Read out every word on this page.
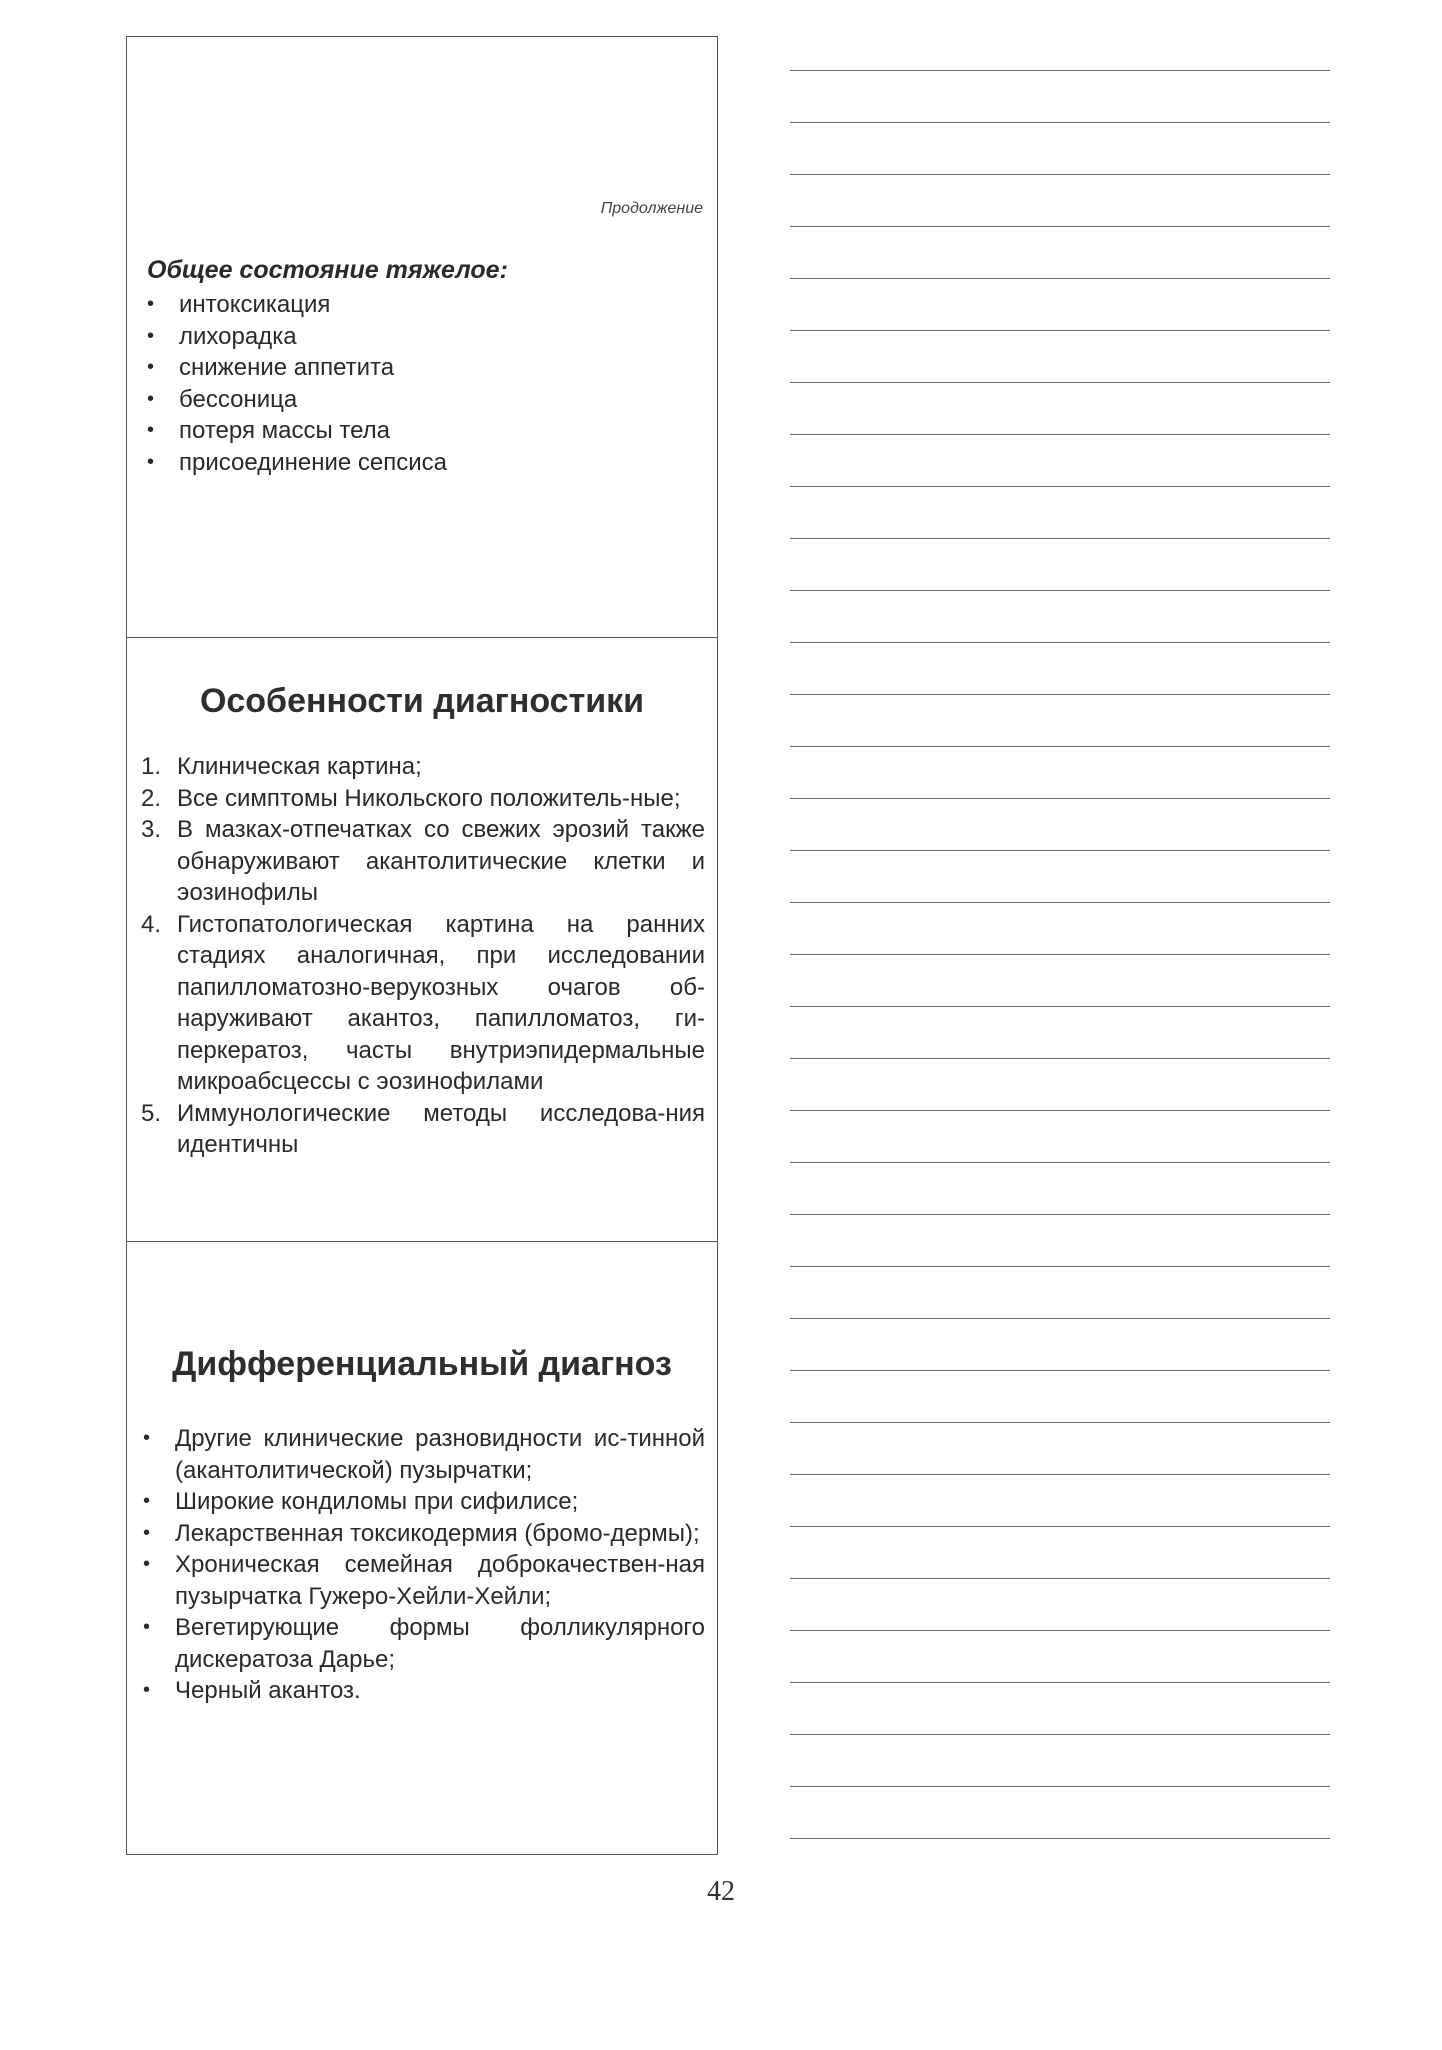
Продолжение
Общее состояние тяжелое:
• интоксикация
• лихорадка
• снижение аппетита
• бессоница
• потеря массы тела
• присоединение сепсиса
Особенности диагностики
1. Клиническая картина;
2. Все симптомы Никольского положитель-ные;
3. В мазках-отпечатках со свежих эрозий также обнаруживают акантолитические клетки и эозинофилы
4. Гистопатологическая картина на ранних стадиях аналогичная, при исследовании папилломатозно-верукозных очагов об-наруживают акантоз, папилломатоз, ги-перкератоз, часты внутриэпидермальные микроабсцессы с эозинофилами
5. Иммунологические методы исследова-ния идентичны
Дифференциальный диагноз
• Другие клинические разновидности ис-тинной (акантолитической) пузырчатки;
• Широкие кондиломы при сифилисе;
• Лекарственная токсикодермия (бромо-дермы);
• Хроническая семейная доброкачествен-ная пузырчатка Гужеро-Хейли-Хейли;
• Вегетирующие формы фолликулярного дискератоза Дарье;
• Черный акантоз.
42
